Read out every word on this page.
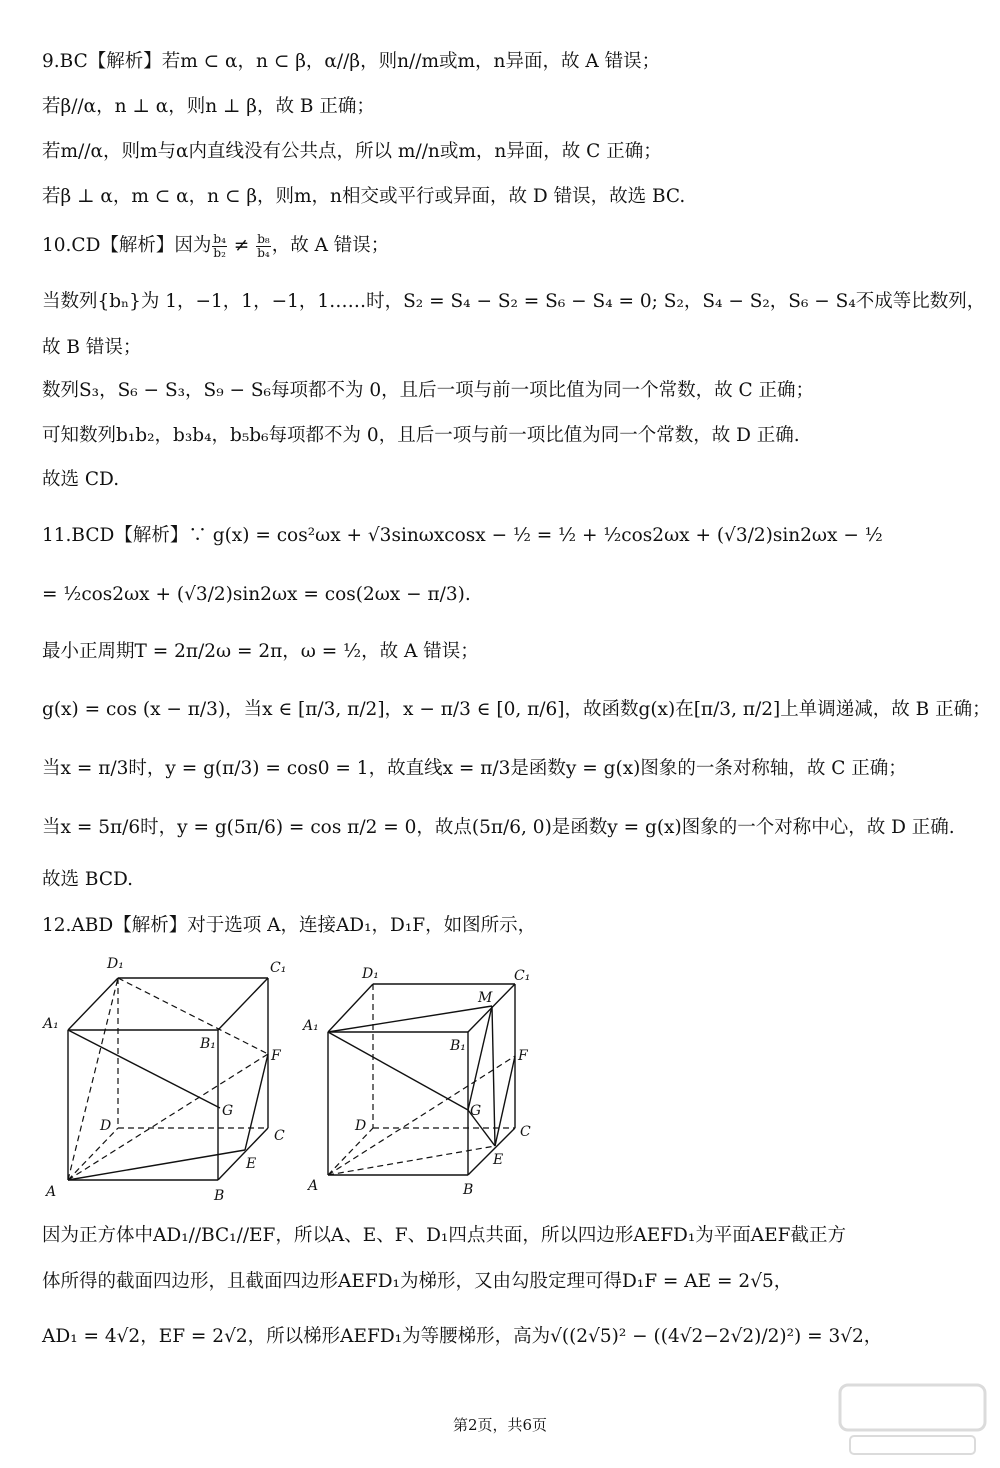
9.BC【解析】若m ⊂ α，n ⊂ β，α//β，则n//m或m，n异面，故 A 错误；
若β//α，n ⊥ α，则n ⊥ β，故 B 正确；
若m//α，则m与α内直线没有公共点，所以 m//n或m，n异面，故 C 正确；
若β ⊥ α，m ⊂ α，n ⊂ β，则m，n相交或平行或异面，故 D 错误，故选 BC.
10.CD【解析】因为 $\frac{\text{b₄}}{\text{b₂}} \ne \frac{\text{b₈}}{\text{b₄}}$ ，故 A 错误；
当数列{bₙ}为 1，−1，1，−1，1……时，S₂ = S₄ − S₂ = S₆ − S₄ = 0; S₂，S₄ − S₂，S₆ − S₄不成等比数列，
故 B 错误；
数列S₃，S₆ − S₃，S₉ − S₆每项都不为 0，且后一项与前一项比值为同一个常数，故 C 正确；
可知数列b₁b₂，b₃b₄，b₅b₆每项都不为 0，且后一项与前一项比值为同一个常数，故 D 正确.
故选 CD.
11.BCD【解析】∵ g(x) = cos²ωx + √3sinωxcosx − ½ = ½ + ½cos2ωx + (√3/2)sin2ωx − ½
= ½cos2ωx + (√3/2)sin2ωx = cos(2ωx − π/3).
最小正周期T = 2π/2ω = 2π，ω = ½，故 A 错误；
g(x) = cos (x − π/3)，当x ∈ [π/3, π/2]，x − π/3 ∈ [0, π/6]，故函数g(x)在[π/3, π/2]上单调递减，故 B 正确；
当x = π/3时，y = g(π/3) = cos0 = 1，故直线x = π/3是函数y = g(x)图象的一条对称轴，故 C 正确；
当x = 5π/6时，y = g(5π/6) = cos π/2 = 0，故点(5π/6, 0)是函数y = g(x)图象的一个对称中心，故 D 正确.
故选 BCD.
12.ABD【解析】对于选项 A，连接AD₁，D₁F，如图所示，
D₁	C₁
A₁
B₁
F
G
D
C
E
A	B
D₁	C₁
M
A₁
B₁
F
G
D	C
E
A	B
因为正方体中AD₁//BC₁//EF，所以A、E、F、D₁四点共面，所以四边形AEFD₁为平面AEF截正方
体所得的截面四边形，且截面四边形AEFD₁为梯形，又由勾股定理可得D₁F = AE = 2√5，
AD₁ = 4√2，EF = 2√2，所以梯形AEFD₁为等腰梯形，高为√((2√5)² − ((4√2−2√2)/2)²) = 3√2，
第2页，共6页
